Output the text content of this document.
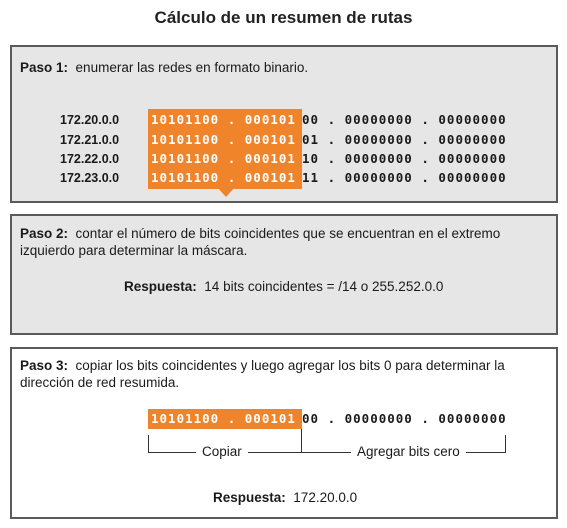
Cálculo de un resumen de rutas
Paso 1: enumerar las redes en formato binario.
172.20.0.0	10101100 . 000101 00 . 00000000 . 00000000
172.21.0.0	10101100 . 000101 01 . 00000000 . 00000000
172.22.0.0	10101100 . 000101 10 . 00000000 . 00000000
172.23.0.0	10101100 . 000101 11 . 00000000 . 00000000
Paso 2: contar el número de bits coincidentes que se encuentran en el extremo
izquierdo para determinar la máscara.
Respuesta: 14 bits coincidentes = /14 o 255.252.0.0
Paso 3: copiar los bits coincidentes y luego agregar los bits 0 para determinar la
dirección de red resumida.
10101100 . 000101 00 . 00000000 . 00000000
Copiar	Agregar bits cero
Respuesta: 172.20.0.0
